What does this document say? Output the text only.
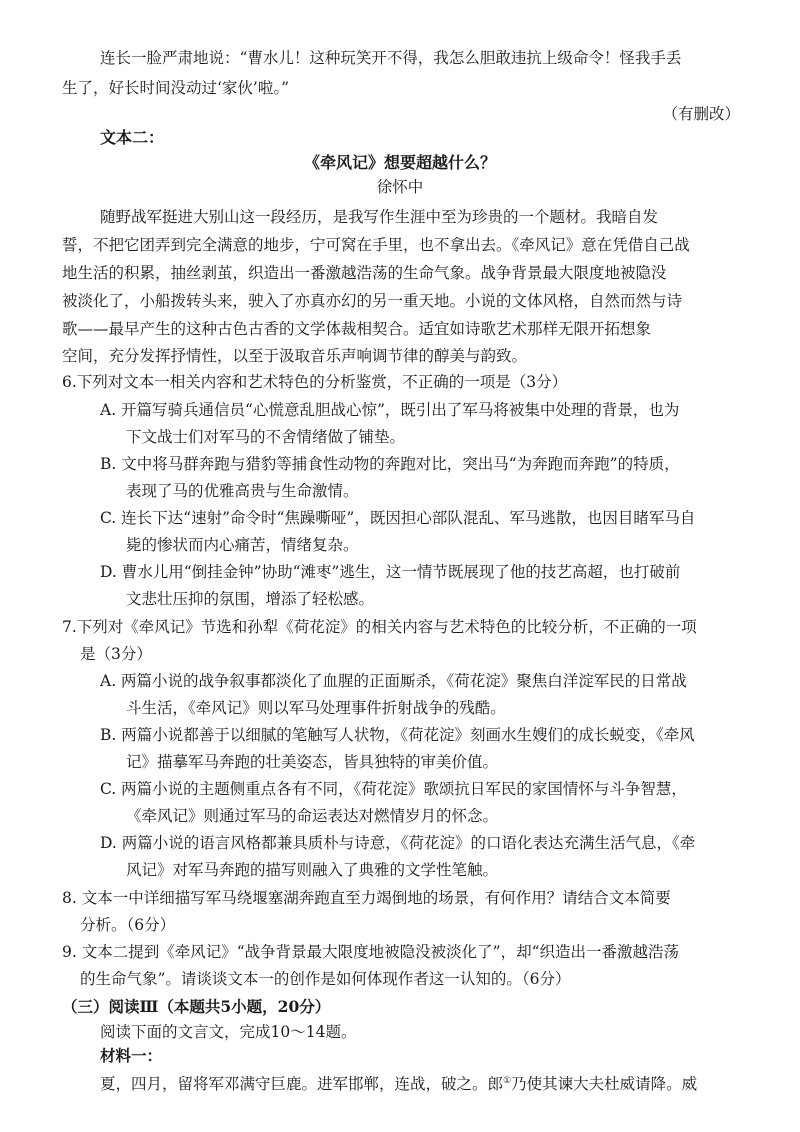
连长一脸严肃地说：“曹水儿！这种玩笑开不得，我怎么胆敢违抗上级命令！怪我手丢
生了，好长时间没动过‘家伙’啦。”
（有删改）
文本二：
《牵风记》想要超越什么？
徐怀中
随野战军挺进大别山这一段经历，是我写作生涯中至为珍贵的一个题材。我暗自发
誓，不把它团弄到完全满意的地步，宁可窝在手里，也不拿出去。《牵风记》意在凭借自己战
地生活的积累，抽丝剥茧，织造出一番激越浩荡的生命气象。战争背景最大限度地被隐没
被淡化了，小船拨转头来，驶入了亦真亦幻的另一重天地。小说的文体风格，自然而然与诗
歌——最早产生的这种古色古香的文学体裁相契合。适宜如诗歌艺术那样无限开拓想象
空间，充分发挥抒情性，以至于汲取音乐声响调节律的醇美与韵致。
6.下列对文本一相关内容和艺术特色的分析鉴赏，不正确的一项是（3分）
A. 开篇写骑兵通信员“心慌意乱胆战心惊”，既引出了军马将被集中处理的背景，也为
下文战士们对军马的不舍情绪做了铺垫。
B. 文中将马群奔跑与猎豹等捕食性动物的奔跑对比，突出马“为奔跑而奔跑”的特质，
表现了马的优雅高贵与生命激情。
C. 连长下达“速射”命令时“焦躁嘶哑”，既因担心部队混乱、军马逃散，也因目睹军马自
毙的惨状而内心痛苦，情绪复杂。
D. 曹水儿用“倒挂金钟”协助“滩枣”逃生，这一情节既展现了他的技艺高超，也打破前
文悲壮压抑的氛围，增添了轻松感。
7.下列对《牵风记》节选和孙犁《荷花淀》的相关内容与艺术特色的比较分析，不正确的一项
是（3分）
A. 两篇小说的战争叙事都淡化了血腥的正面厮杀，《荷花淀》聚焦白洋淀军民的日常战
斗生活，《牵风记》则以军马处理事件折射战争的残酷。
B. 两篇小说都善于以细腻的笔触写人状物，《荷花淀》刻画水生嫂们的成长蜕变，《牵风
记》描摹军马奔跑的壮美姿态，皆具独特的审美价值。
C. 两篇小说的主题侧重点各有不同，《荷花淀》歌颂抗日军民的家国情怀与斗争智慧，
《牵风记》则通过军马的命运表达对燃情岁月的怀念。
D. 两篇小说的语言风格都兼具质朴与诗意，《荷花淀》的口语化表达充满生活气息，《牵
风记》对军马奔跑的描写则融入了典雅的文学性笔触。
8. 文本一中详细描写军马绕堰塞湖奔跑直至力竭倒地的场景，有何作用？请结合文本简要
分析。（6分）
9. 文本二提到《牵风记》“战争背景最大限度地被隐没被淡化了”，却“织造出一番激越浩荡
的生命气象”。请谈谈文本一的创作是如何体现作者这一认知的。（6分）
（三）阅读Ⅲ（本题共5小题，20分）
阅读下面的文言文，完成10～14题。
材料一：
夏，四月，留将军邓满守巨鹿。进军邯郸，连战，破之。郎①乃使其谏大夫杜威请降。威
